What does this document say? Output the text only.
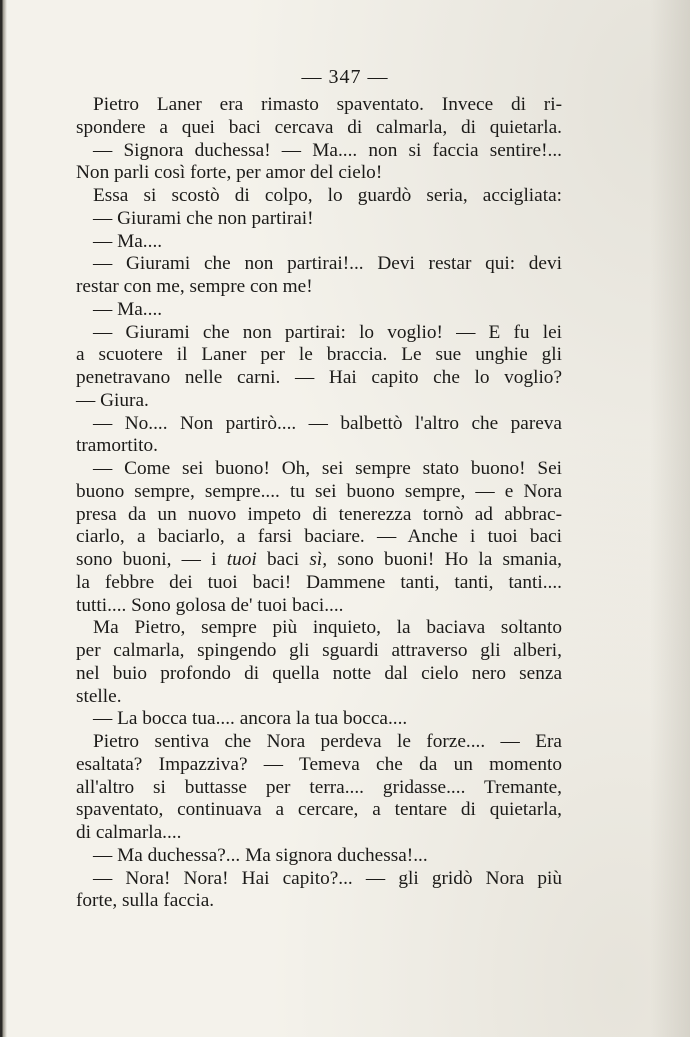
— 347 —
Pietro Laner era rimasto spaventato. Invece di ri-
spondere a quei baci cercava di calmarla, di quietarla.
— Signora duchessa! — Ma.... non si faccia sentire!...
Non parli così forte, per amor del cielo!
Essa si scostò di colpo, lo guardò seria, accigliata:
— Giurami che non partirai!
— Ma....
— Giurami che non partirai!... Devi restar qui: devi
restar con me, sempre con me!
— Ma....
— Giurami che non partirai: lo voglio! — E fu lei
a scuotere il Laner per le braccia. Le sue unghie gli
penetravano nelle carni. — Hai capito che lo voglio?
— Giura.
— No.... Non partirò.... — balbettò l'altro che pareva
tramortito.
— Come sei buono! Oh, sei sempre stato buono! Sei
buono sempre, sempre.... tu sei buono sempre, — e Nora
presa da un nuovo impeto di tenerezza tornò ad abbrac-
ciarlo, a baciarlo, a farsi baciare. — Anche i tuoi baci
sono buoni, — i tuoi baci sì, sono buoni! Ho la smania,
la febbre dei tuoi baci! Dammene tanti, tanti, tanti....
tutti.... Sono golosa de' tuoi baci....
Ma Pietro, sempre più inquieto, la baciava soltanto
per calmarla, spingendo gli sguardi attraverso gli alberi,
nel buio profondo di quella notte dal cielo nero senza
stelle.
— La bocca tua.... ancora la tua bocca....
Pietro sentiva che Nora perdeva le forze.... — Era
esaltata? Impazziva? — Temeva che da un momento
all'altro si buttasse per terra.... gridasse.... Tremante,
spaventato, continuava a cercare, a tentare di quietarla,
di calmarla....
— Ma duchessa?... Ma signora duchessa!...
— Nora! Nora! Hai capito?... — gli gridò Nora più
forte, sulla faccia.
